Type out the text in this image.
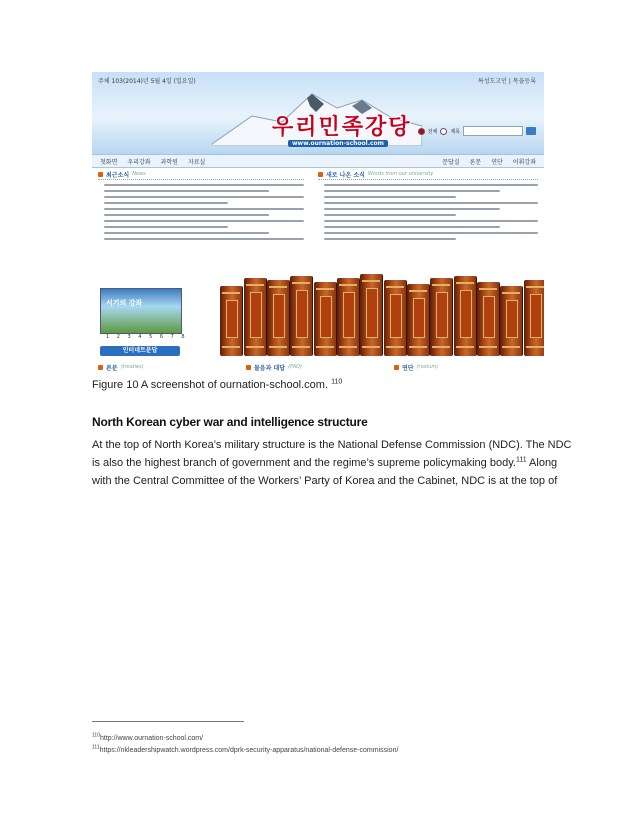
주체 103(2014)년 5월 4일 (일요일)	특성도고인 | 목을등록
우리민족강당
www.ournation-school.com
전체	제목
첫화면 우리강좌 과학원 자료실	문답실 론문 연단 어휘강좌
최근소식 News	새로 나온 소식 Words from our university
서기의 강좌
1 2 3 4 5 6 7 8
인터네트문답
론문 (treaties)	물음과 대답 (FAQ)	연단 (rostum)
Figure 10 A screenshot of ournation-school.com. $^{110}$
North Korean cyber war and intelligence structure

At the top of North Korea’s military structure is the National Defense Commission (NDC). The NDC

is also the highest branch of government and the regime’s supreme policymaking body.$^{111}$ Along

with the Central Committee of the Workers’ Party of Korea and the Cabinet, NDC is at the top of

$^{110}$http://www.ournation-school.com/
$^{111}$https://nkleadershipwatch.wordpress.com/dprk-security-apparatus/national-defense-commission/
